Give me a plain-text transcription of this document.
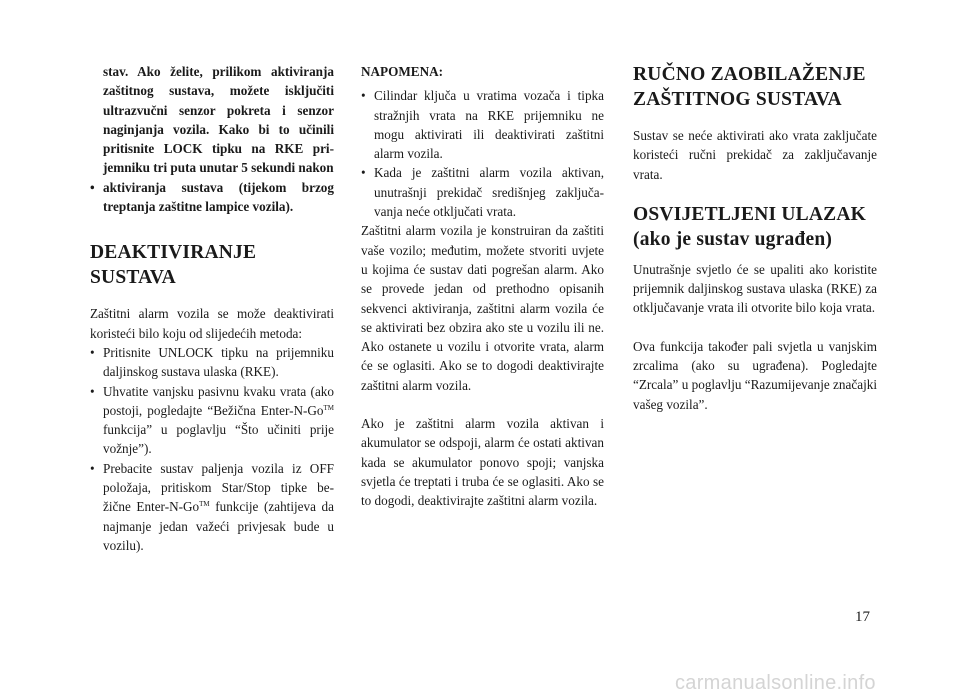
stav. Ako želite, prilikom aktiviranja zaštitnog sustava, možete isključiti ultrazvučni senzor pokreta i senzor naginjanja vozila. Kako bi to učinili pritisnite LOCK tipku na RKE pri-jemniku tri puta unutar 5 sekundi nakon

• aktiviranja sustava (tijekom brzog treptanja zaštitne lampice vozila).

DEAKTIVIRANJE SUSTAVA

Zaštitni alarm vozila se može deaktivirati koristeći bilo koju od slijedećih metoda:

• Pritisnite UNLOCK tipku na prijemniku daljinskog sustava ulaska (RKE).
• Uhvatite vanjsku pasivnu kvaku vrata (ako postoji, pogledajte “Bežična Enter-N-Go™ funkcija” u poglavlju “Što učiniti prije vožnje”).
• Prebacite sustav paljenja vozila iz OFF položaja, pritiskom Star/Stop tipke be-žične Enter-N-Go™ funkcije (zahtijeva da najmanje jedan važeći privjesak bude u vozilu).

NAPOMENA:

• Cilindar ključa u vratima vozača i tipka stražnjih vrata na RKE prijemniku ne mogu aktivirati ili deaktivirati zaštitni alarm vozila.
• Kada je zaštitni alarm vozila aktivan, unutrašnji prekidač središnjeg zaključa-vanja neće otključati vrata.

Zaštitni alarm vozila je konstruiran da zaštiti vaše vozilo; međutim, možete stvoriti uvjete u kojima će sustav dati pogrešan alarm. Ako se provede jedan od prethodno opisanih sekvenci aktiviranja, zaštitni alarm vozila će se aktivirati bez obzira ako ste u vozilu ili ne. Ako ostanete u vozilu i otvorite vrata, alarm će se oglasiti. Ako se to dogodi deaktivirajte zaštitni alarm vozila.

Ako je zaštitni alarm vozila aktivan i akumulator se odspoji, alarm će ostati aktivan kada se akumulator ponovo spoji; vanjska svjetla će treptati i truba će se oglasiti. Ako se to dogodi, deaktivirajte zaštitni alarm vozila.

RUČNO ZAOBILAŽENJE

ZAŠTITNOG SUSTAVA

Sustav se neće aktivirati ako vrata zaključate koristeći ručni prekidač za zaključavanje vrata.

OSVIJETLJENI ULAZAK

(ako je sustav ugrađen)

Unutrašnje svjetlo će se upaliti ako koristite prijemnik daljinskog sustava ulaska (RKE) za otključavanje vrata ili otvorite bilo koja vrata.

Ova funkcija također pali svjetla u vanjskim zrcalima (ako su ugrađena). Pogledajte “Zrcala” u poglavlju “Razumijevanje značajki vašeg vozila”.

17
carmanualsonline.info
